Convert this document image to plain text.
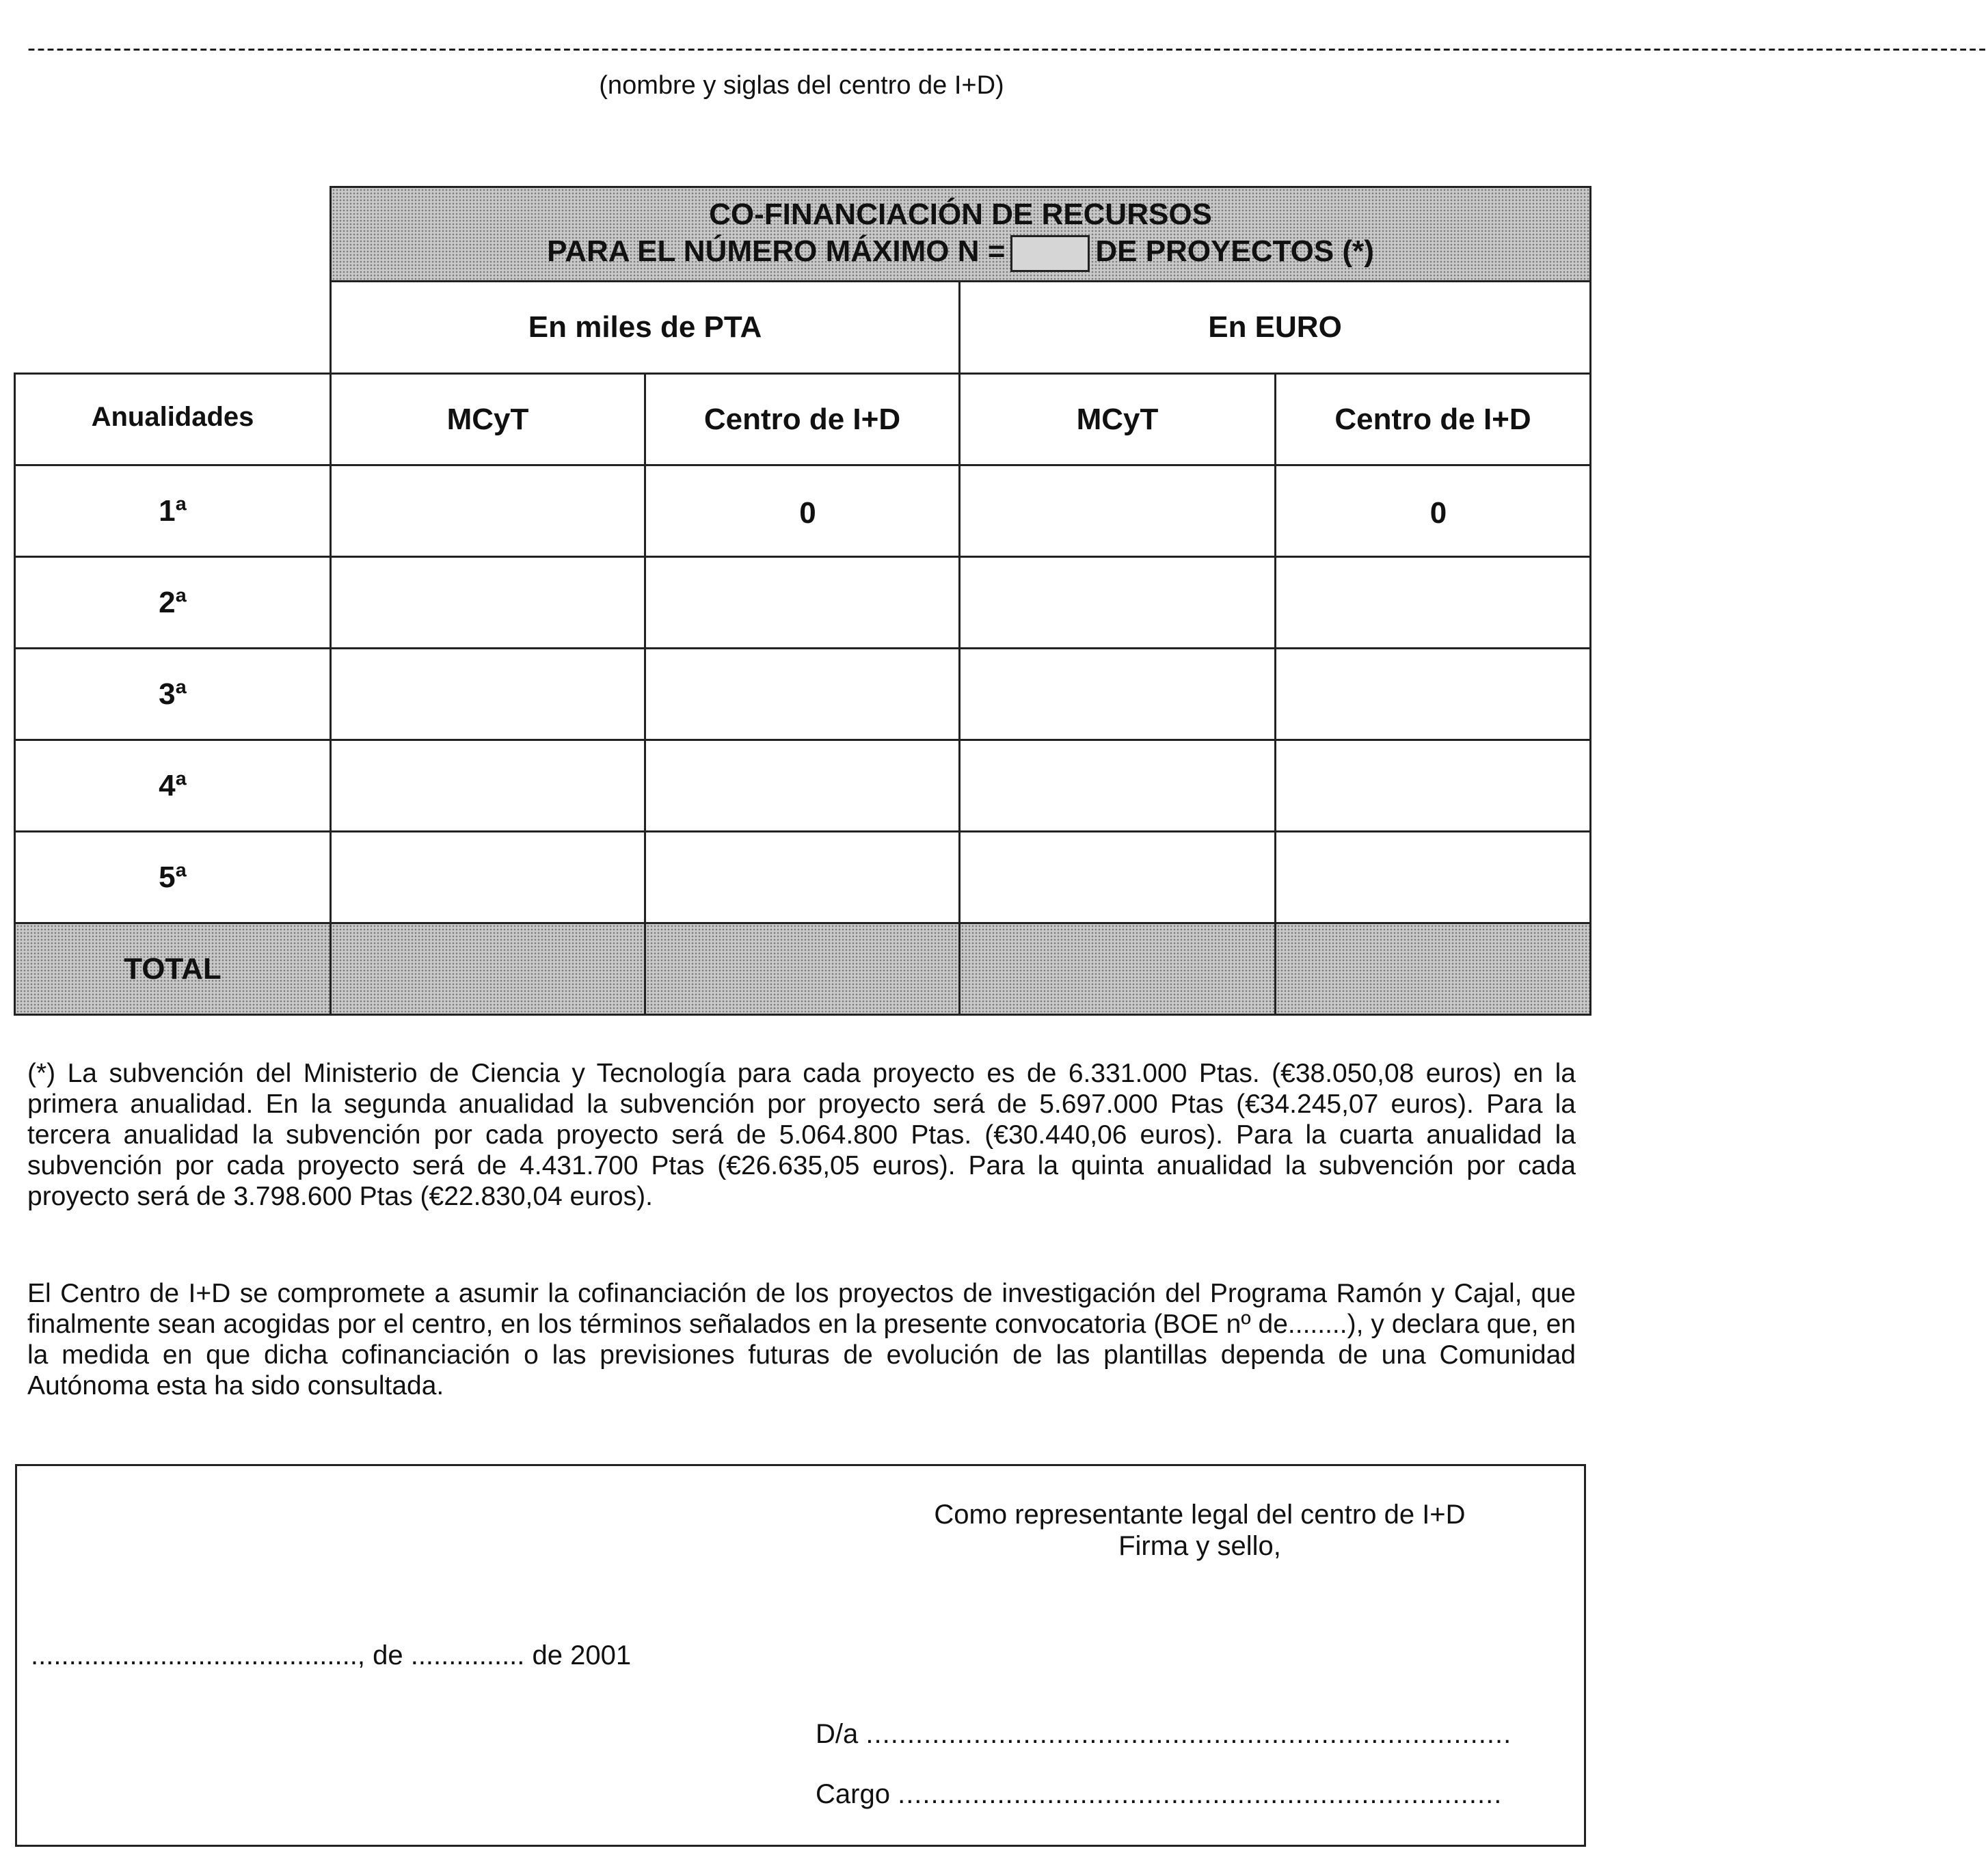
-------------------------------------------------------------------------------------------------------------------------------------------------------------------------------------------------------------
(nombre y siglas del centro de I+D)

	CO-FINANCIACIÓN DE RECURSOS
PARA EL NÚMERO MÁXIMO N = DE PROYECTOS (*)			

	En miles de PTA		En EURO	
Anualidades	MCyT	Centro de I+D	MCyT	Centro de I+D
1ª		0		0
2ª				
3ª				
4ª				
5ª				
TOTAL				
(*) La subvención del Ministerio de Ciencia y Tecnología para cada proyecto es de 6.331.000 Ptas. (€38.050,08 euros) en la primera anualidad. En la segunda anualidad la subvención por proyecto será de 5.697.000 Ptas (€34.245,07 euros). Para la tercera anualidad la subvención por cada proyecto será de 5.064.800 Ptas. (€30.440,06 euros). Para la cuarta anualidad la subvención por cada proyecto será de 4.431.700 Ptas (€26.635,05 euros). Para la quinta anualidad la subvención por cada proyecto será de 3.798.600 Ptas (€22.830,04 euros).
El Centro de I+D se compromete a asumir la cofinanciación de los proyectos de investigación del Programa Ramón y Cajal, que finalmente sean acogidas por el centro, en los términos señalados en la presente convocatoria (BOE nº de........), y declara que, en la medida en que dicha cofinanciación o las previsiones futuras de evolución de las plantillas dependa de una Comunidad Autónoma esta ha sido consultada.
Como representante legal del centro de I+D
Firma y sello,
..........................................., de ............... de 2001
D/a ..............................................................................
Cargo .........................................................................
